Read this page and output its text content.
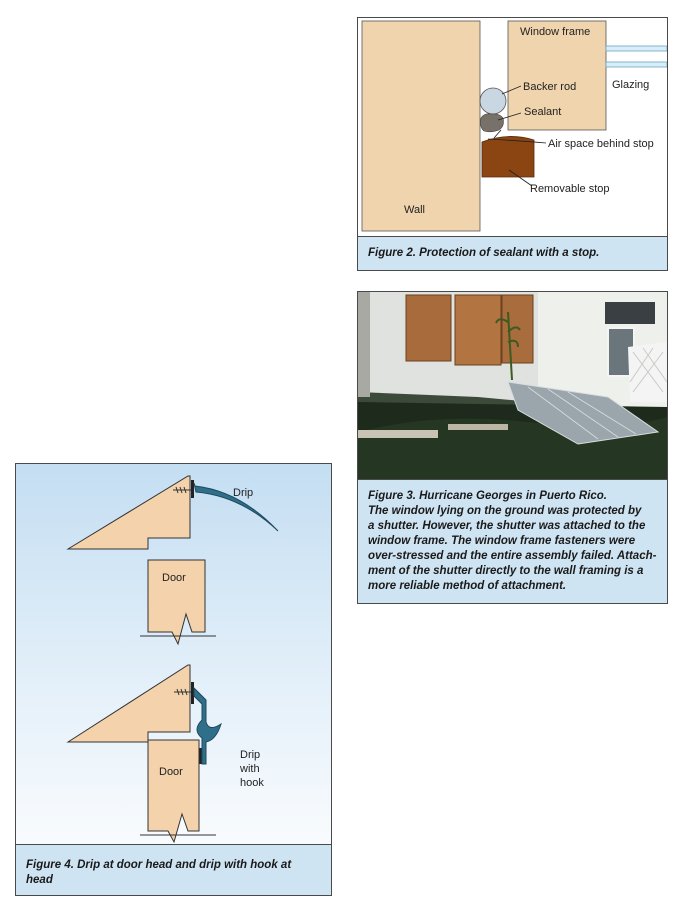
Window frame
Glazing
Backer rod
Sealant
Air space behind stop
Removable stop
Wall
Figure 2. Protection of sealant with a stop.
Figure 3. Hurricane Georges in Puerto Rico.
The window lying on the ground was protected by
a shutter. However, the shutter was attached to the
window frame. The window frame fasteners were
over-stressed and the entire assembly failed. Attach-
ment of the shutter directly to the wall framing is a
more reliable method of attachment.
Drip
Door
Drip
with
hook
Door
Figure 4. Drip at door head and drip with hook at head
